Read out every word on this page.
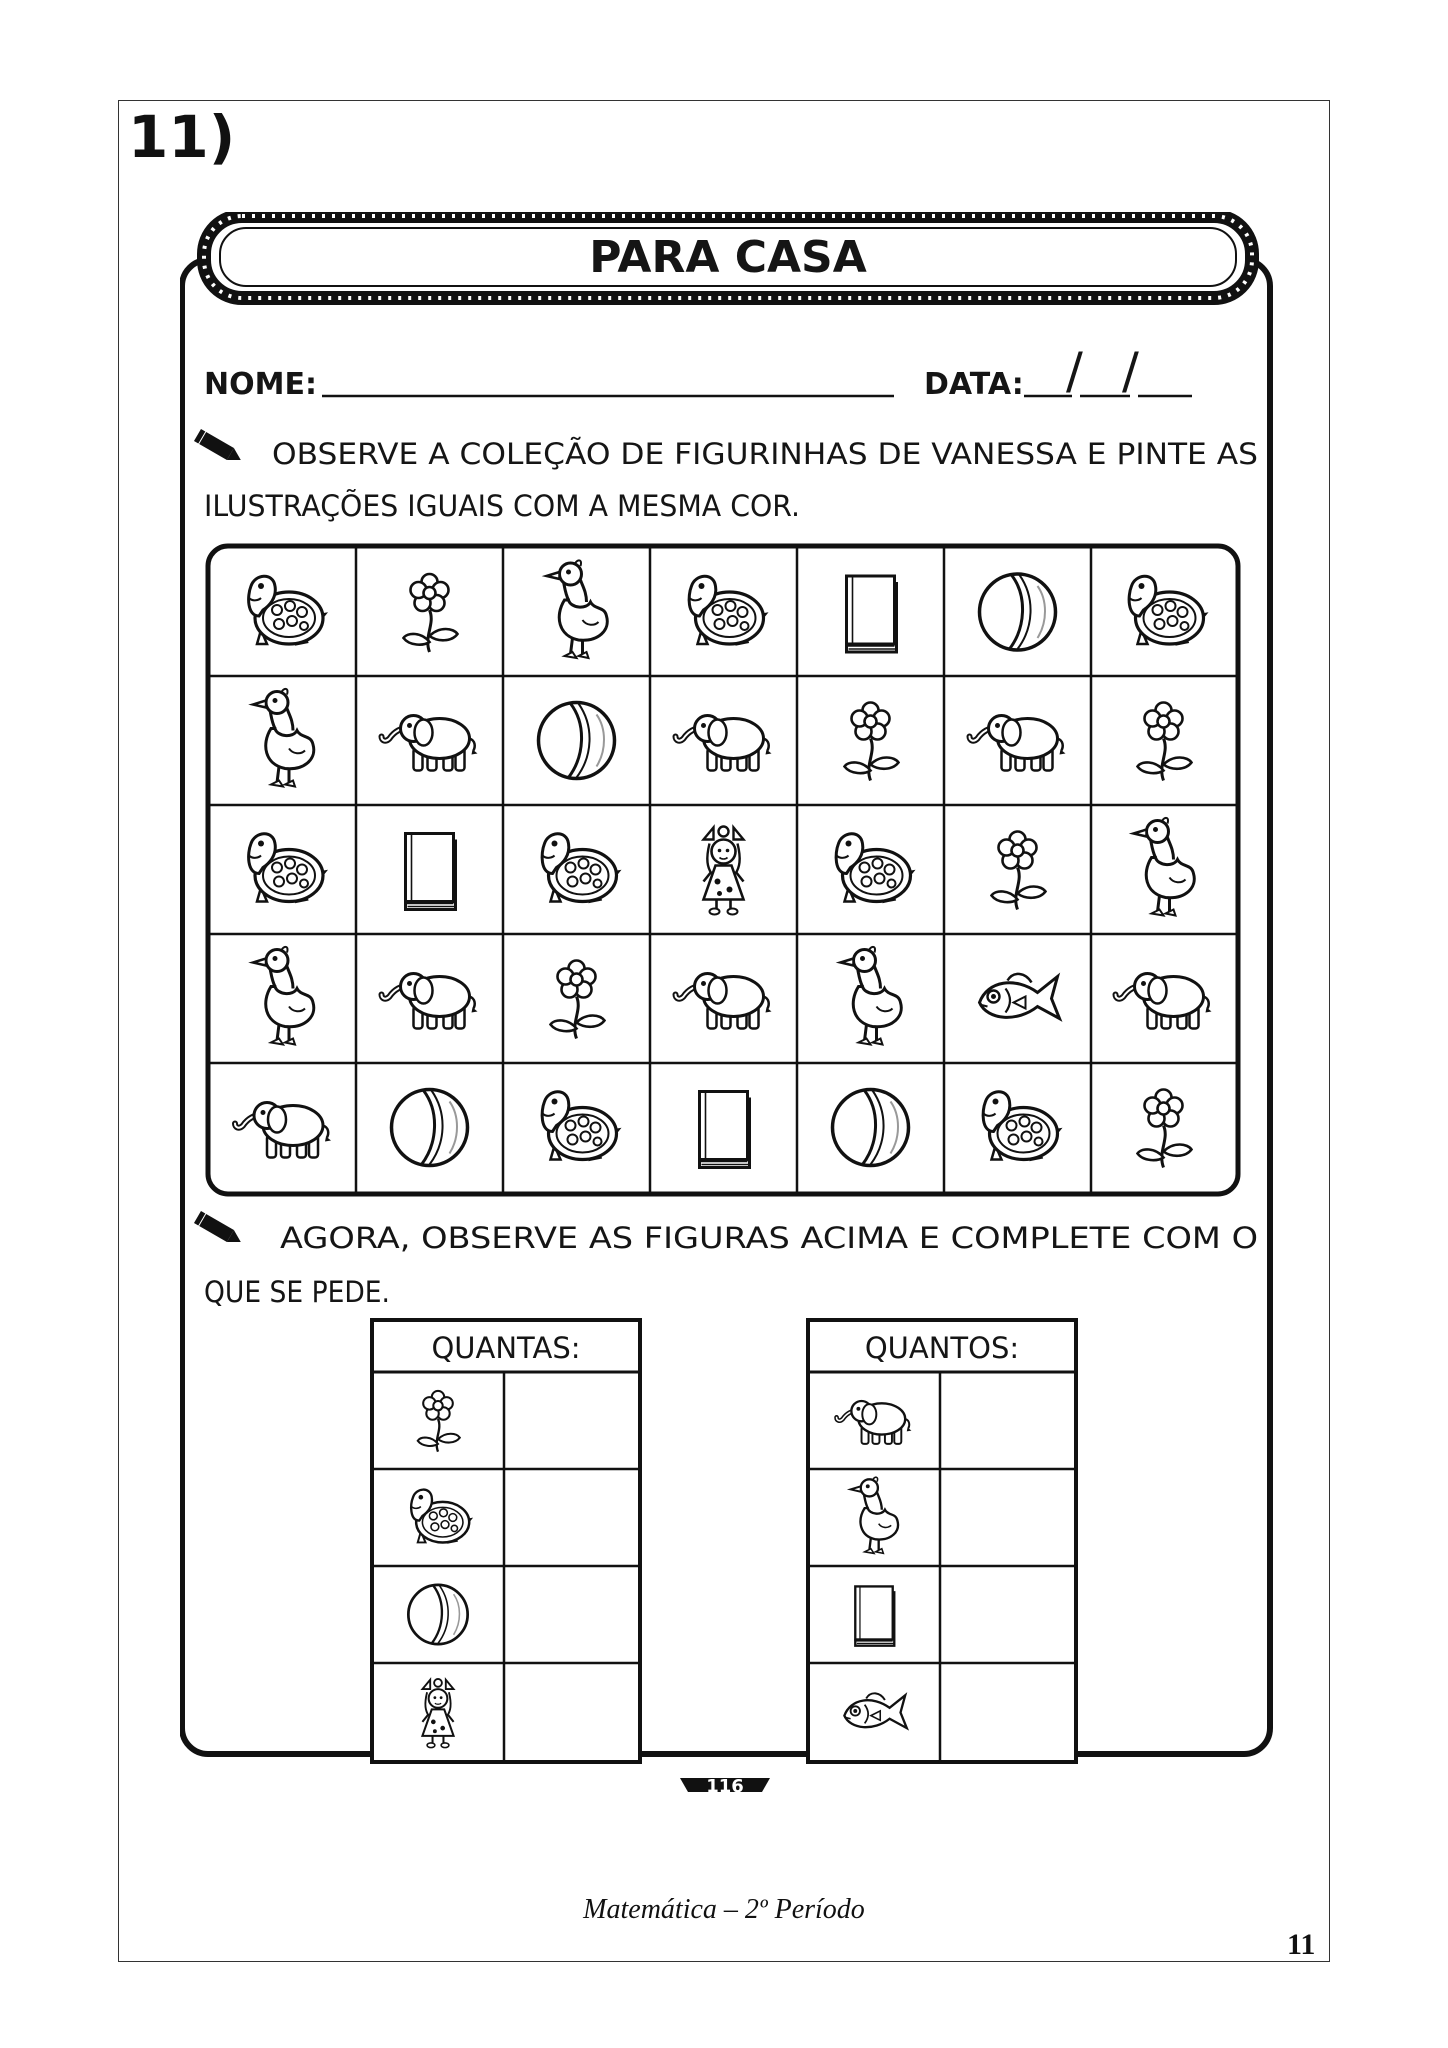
11)
PARA CASA
NOME:	DATA: / /
OBSERVE A COLEÇÃO DE FIGURINHAS DE VANESSA E PINTE AS
ILUSTRAÇÕES IGUAIS COM A MESMA COR.
AGORA, OBSERVE AS FIGURAS ACIMA E COMPLETE COM O
QUE SE PEDE.
QUANTAS:	QUANTOS:
116
Matemática – 2º Período
11
